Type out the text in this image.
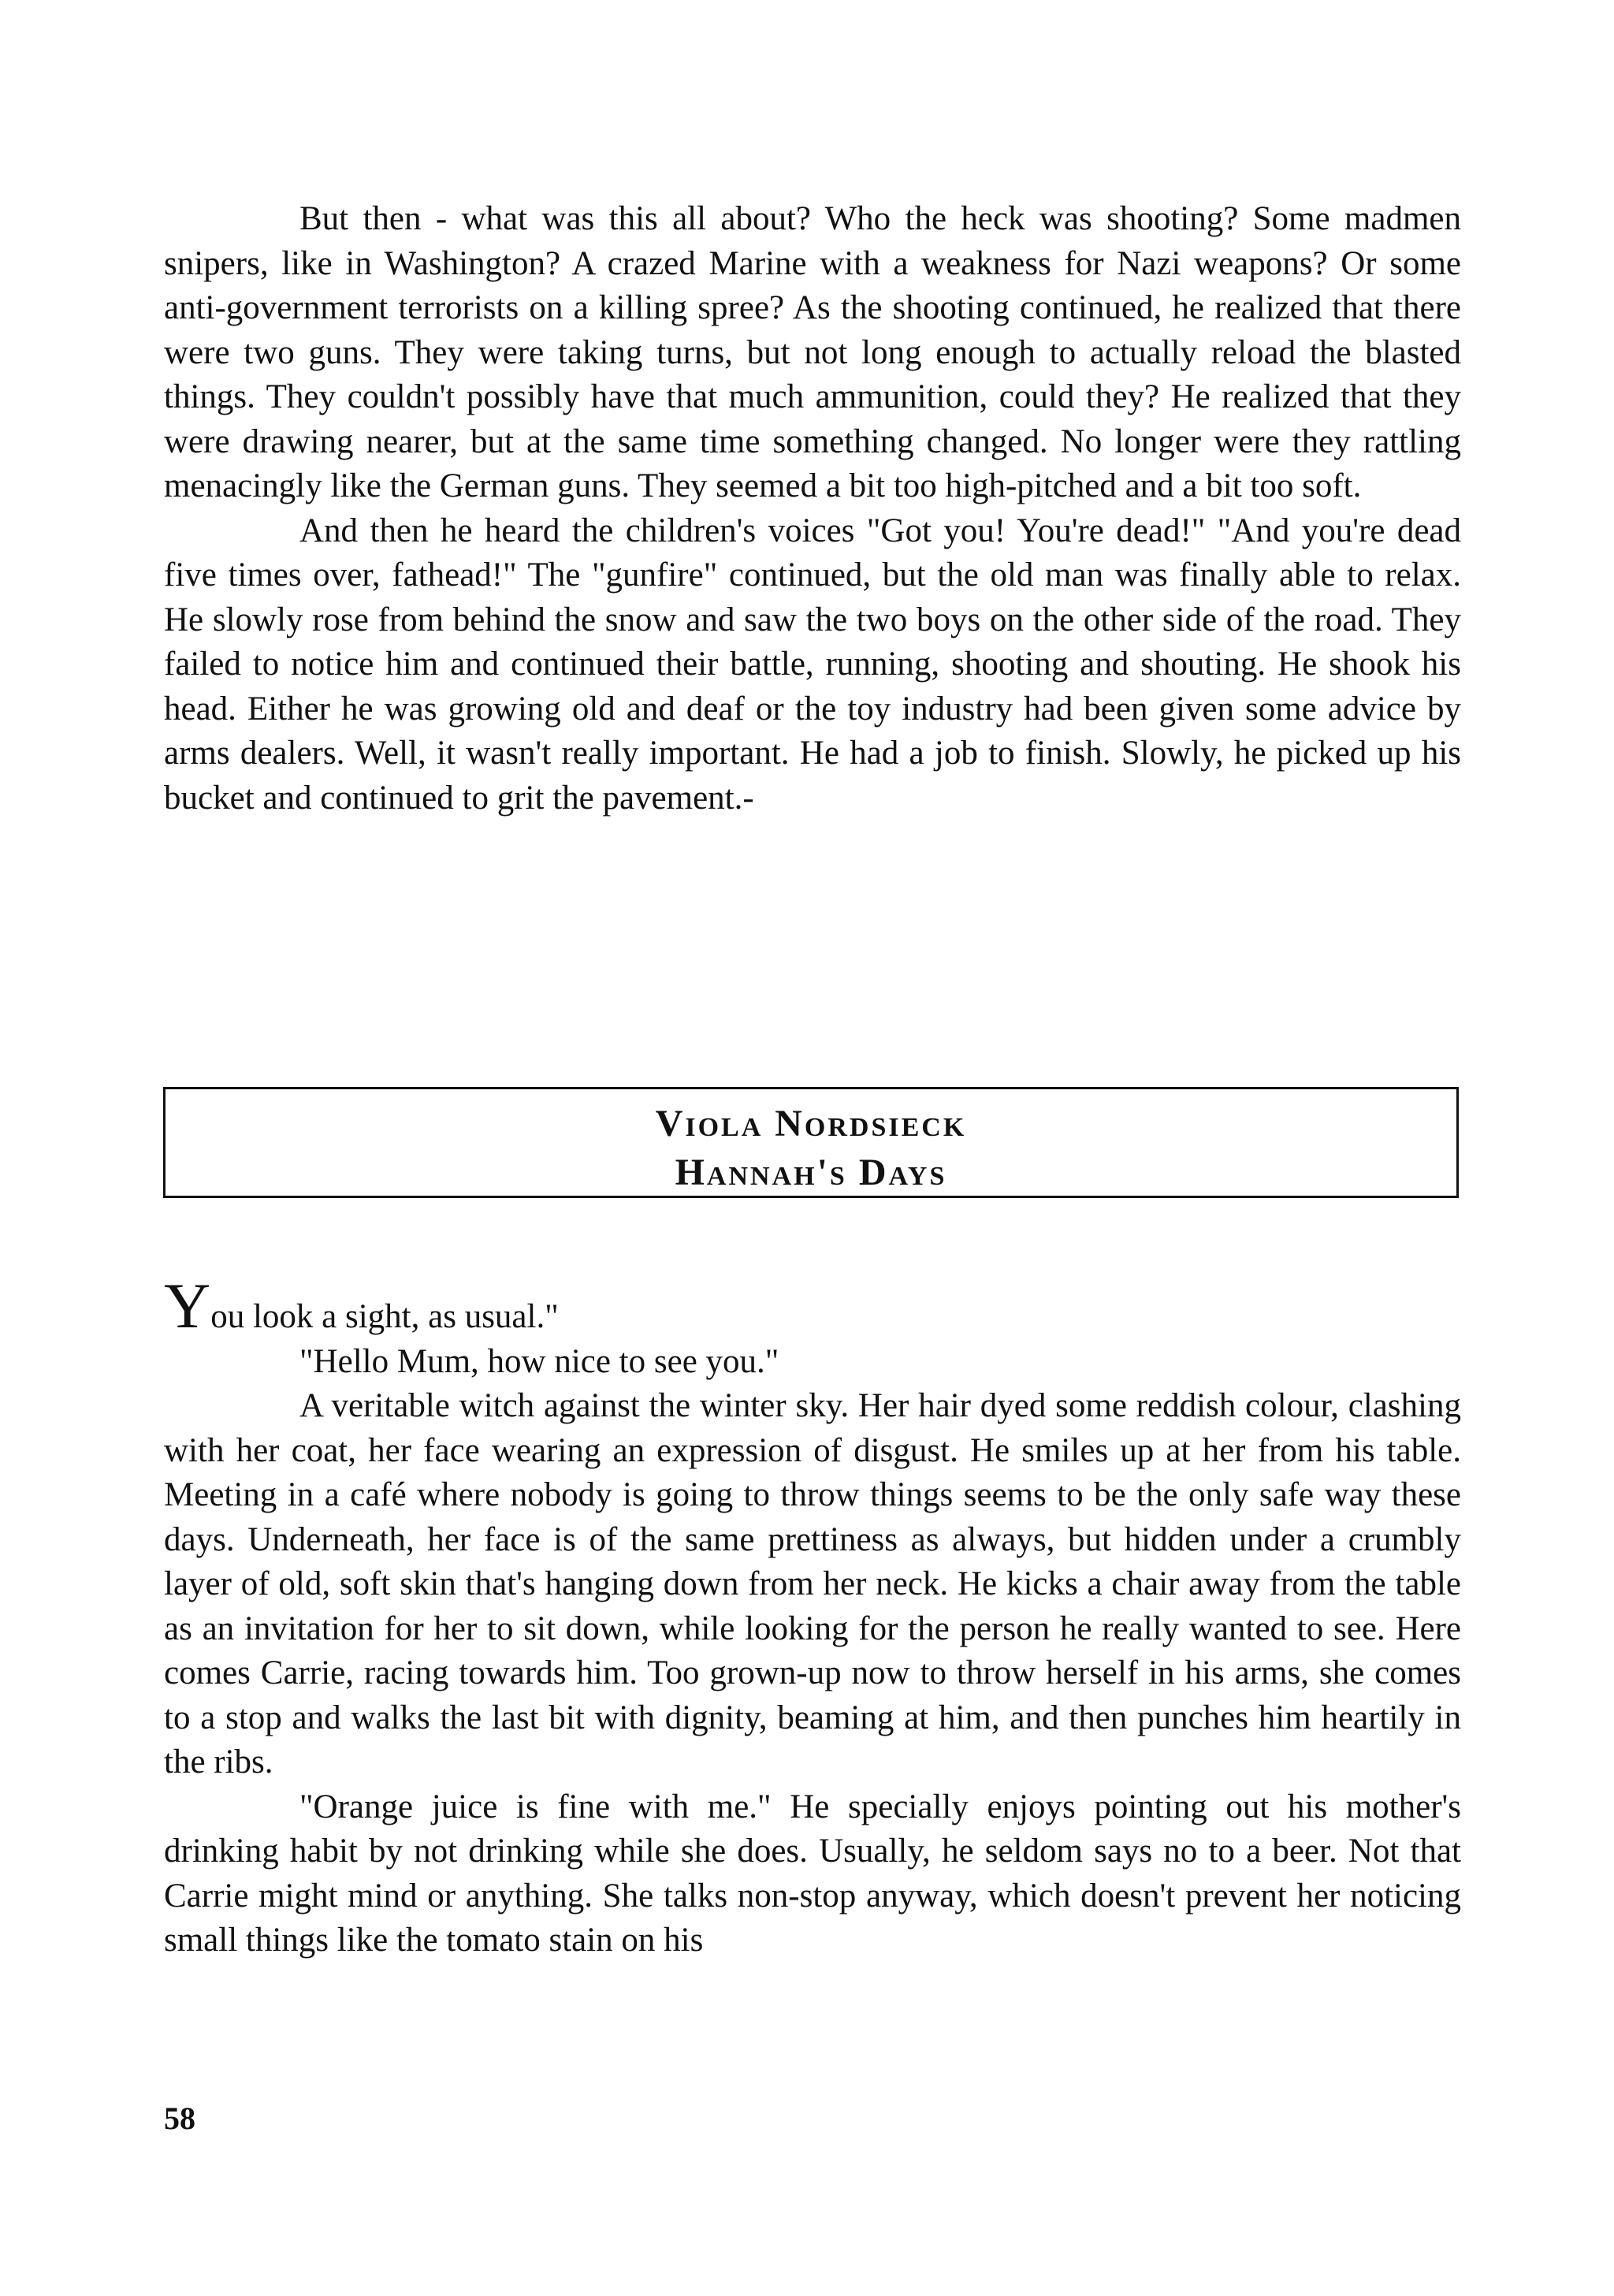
But then - what was this all about? Who the heck was shooting? Some madmen snipers, like in Washington? A crazed Marine with a weakness for Nazi weapons? Or some anti-government terrorists on a killing spree? As the shooting continued, he realized that there were two guns. They were taking turns, but not long enough to actually reload the blasted things. They couldn't possibly have that much ammunition, could they? He realized that they were drawing nearer, but at the same time something changed. No longer were they rattling menacingly like the German guns. They seemed a bit too high-pitched and a bit too soft.

And then he heard the children's voices "Got you! You're dead!" "And you're dead five times over, fathead!" The "gunfire" continued, but the old man was finally able to relax. He slowly rose from behind the snow and saw the two boys on the other side of the road. They failed to notice him and continued their battle, running, shooting and shouting. He shook his head. Either he was growing old and deaf or the toy industry had been given some advice by arms dealers. Well, it wasn't really important. He had a job to finish. Slowly, he picked up his bucket and continued to grit the pavement.-

Viola Nordsieck
Hannah's Days

You look a sight, as usual."

"Hello Mum, how nice to see you."

A veritable witch against the winter sky. Her hair dyed some reddish colour, clashing with her coat, her face wearing an expression of disgust. He smiles up at her from his table. Meeting in a café where nobody is going to throw things seems to be the only safe way these days. Underneath, her face is of the same prettiness as always, but hidden under a crumbly layer of old, soft skin that's hanging down from her neck. He kicks a chair away from the table as an invitation for her to sit down, while looking for the person he really wanted to see. Here comes Carrie, racing towards him. Too grown-up now to throw herself in his arms, she comes to a stop and walks the last bit with dignity, beaming at him, and then punches him heartily in the ribs.

"Orange juice is fine with me." He specially enjoys pointing out his mother's drinking habit by not drinking while she does. Usually, he seldom says no to a beer. Not that Carrie might mind or anything. She talks non-stop anyway, which doesn't prevent her noticing small things like the tomato stain on his

58
